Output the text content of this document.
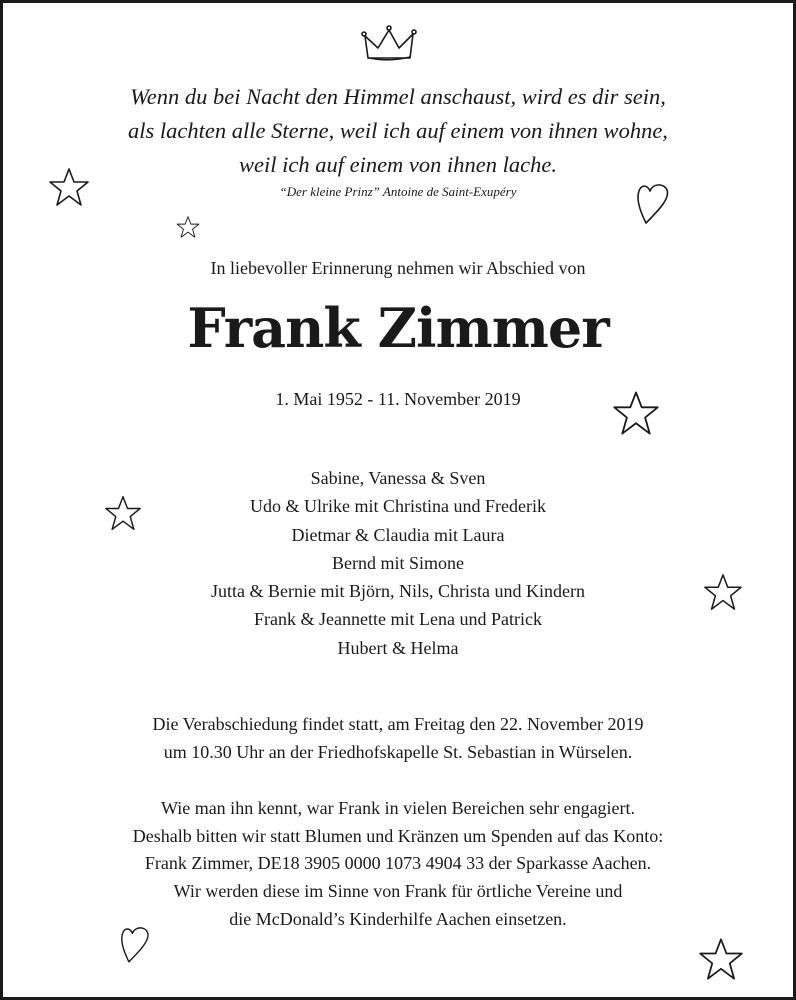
Wenn du bei Nacht den Himmel anschaust, wird es dir sein,
als lachten alle Sterne, weil ich auf einem von ihnen wohne,
weil ich auf einem von ihnen lache.
“Der kleine Prinz” Antoine de Saint-Exupéry
In liebevoller Erinnerung nehmen wir Abschied von
Frank Zimmer
1. Mai 1952 - 11. November 2019
Sabine, Vanessa & Sven
Udo & Ulrike mit Christina und Frederik
Dietmar & Claudia mit Laura
Bernd mit Simone
Jutta & Bernie mit Björn, Nils, Christa und Kindern
Frank & Jeannette mit Lena und Patrick
Hubert & Helma
Die Verabschiedung findet statt, am Freitag den 22. November 2019
um 10.30 Uhr an der Friedhofskapelle St. Sebastian in Würselen.
Wie man ihn kennt, war Frank in vielen Bereichen sehr engagiert.
Deshalb bitten wir statt Blumen und Kränzen um Spenden auf das Konto:
Frank Zimmer, DE18 3905 0000 1073 4904 33 der Sparkasse Aachen.
Wir werden diese im Sinne von Frank für örtliche Vereine und
die McDonald’s Kinderhilfe Aachen einsetzen.
